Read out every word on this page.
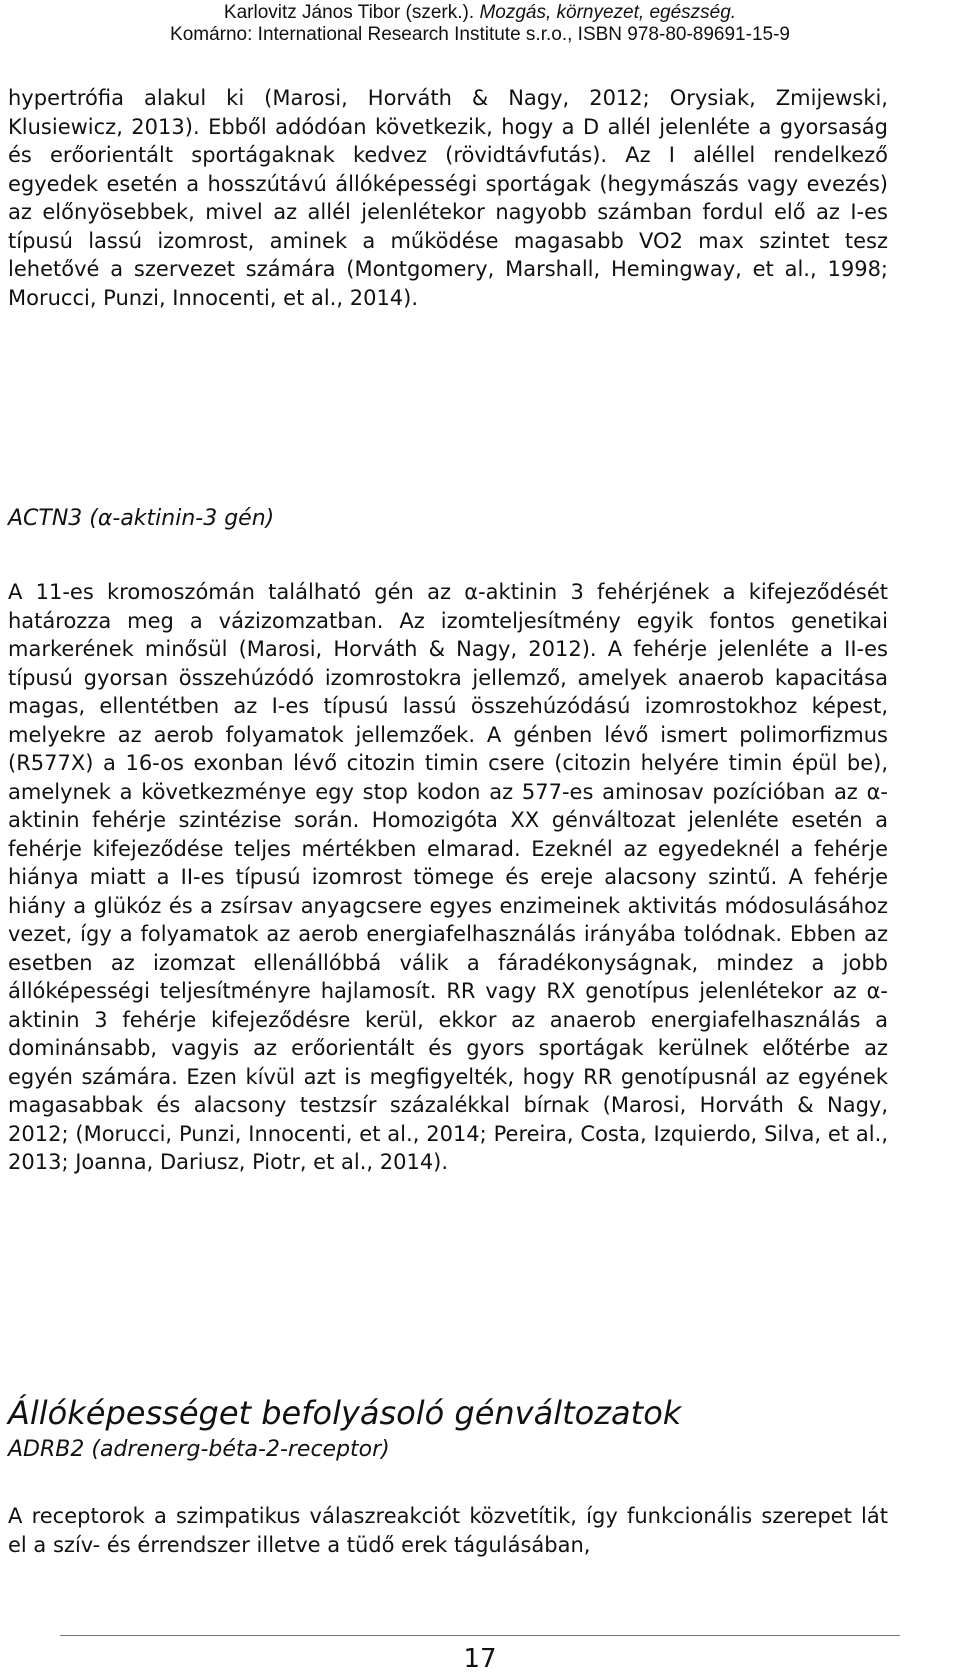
Karlovitz János Tibor (szerk.). Mozgás, környezet, egészség.
Komárno: International Research Institute s.r.o., ISBN 978-80-89691-15-9
hypertrófia alakul ki (Marosi, Horváth & Nagy, 2012; Orysiak, Zmijewski, Klusiewicz, 2013). Ebből adódóan következik, hogy a D allél jelenléte a gyorsaság és erőorientált sportágaknak kedvez (rövidtávfutás). Az I aléllel rendelkező egyedek esetén a hosszútávú állóképességi sportágak (hegymászás vagy evezés) az előnyösebbek, mivel az allél jelenlétekor nagyobb számban fordul elő az I-es típusú lassú izomrost, aminek a működése magasabb VO2 max szintet tesz lehetővé a szervezet számára (Montgomery, Marshall, Hemingway, et al., 1998; Morucci, Punzi, Innocenti, et al., 2014).
ACTN3 (α-aktinin-3 gén)
A 11-es kromoszómán található gén az α-aktinin 3 fehérjének a kifejeződését határozza meg a vázizomzatban. Az izomteljesítmény egyik fontos genetikai markerének minősül (Marosi, Horváth & Nagy, 2012). A fehérje jelenléte a II-es típusú gyorsan összehúzódó izomrostokra jellemző, amelyek anaerob kapacitása magas, ellentétben az I-es típusú lassú összehúzódású izomrostokhoz képest, melyekre az aerob folyamatok jellemzőek. A génben lévő ismert polimorfizmus (R577X) a 16-os exonban lévő citozin timin csere (citozin helyére timin épül be), amelynek a következménye egy stop kodon az 577-es aminosav pozícióban az α-aktinin fehérje szintézise során. Homozigóta XX génváltozat jelenléte esetén a fehérje kifejeződése teljes mértékben elmarad. Ezeknél az egyedeknél a fehérje hiánya miatt a II-es típusú izomrost tömege és ereje alacsony szintű. A fehérje hiány a glükóz és a zsírsav anyagcsere egyes enzimeinek aktivitás módosulásához vezet, így a folyamatok az aerob energiafelhasználás irányába tolódnak. Ebben az esetben az izomzat ellenállóbbá válik a fáradékonyságnak, mindez a jobb állóképességi teljesítményre hajlamosít. RR vagy RX genotípus jelenlétekor az α-aktinin 3 fehérje kifejeződésre kerül, ekkor az anaerob energiafelhasználás a dominánsabb, vagyis az erőorientált és gyors sportágak kerülnek előtérbe az egyén számára. Ezen kívül azt is megfigyelték, hogy RR genotípusnál az egyének magasabbak és alacsony testzsír százalékkal bírnak (Marosi, Horváth & Nagy, 2012; (Morucci, Punzi, Innocenti, et al., 2014; Pereira, Costa, Izquierdo, Silva, et al., 2013; Joanna, Dariusz, Piotr, et al., 2014).
Állóképességet befolyásoló génváltozatok
ADRB2 (adrenerg-béta-2-receptor)
A receptorok a szimpatikus válaszreakciót közvetítik, így funkcionális szerepet lát el a szív- és érrendszer illetve a tüdő erek tágulásában,
17
